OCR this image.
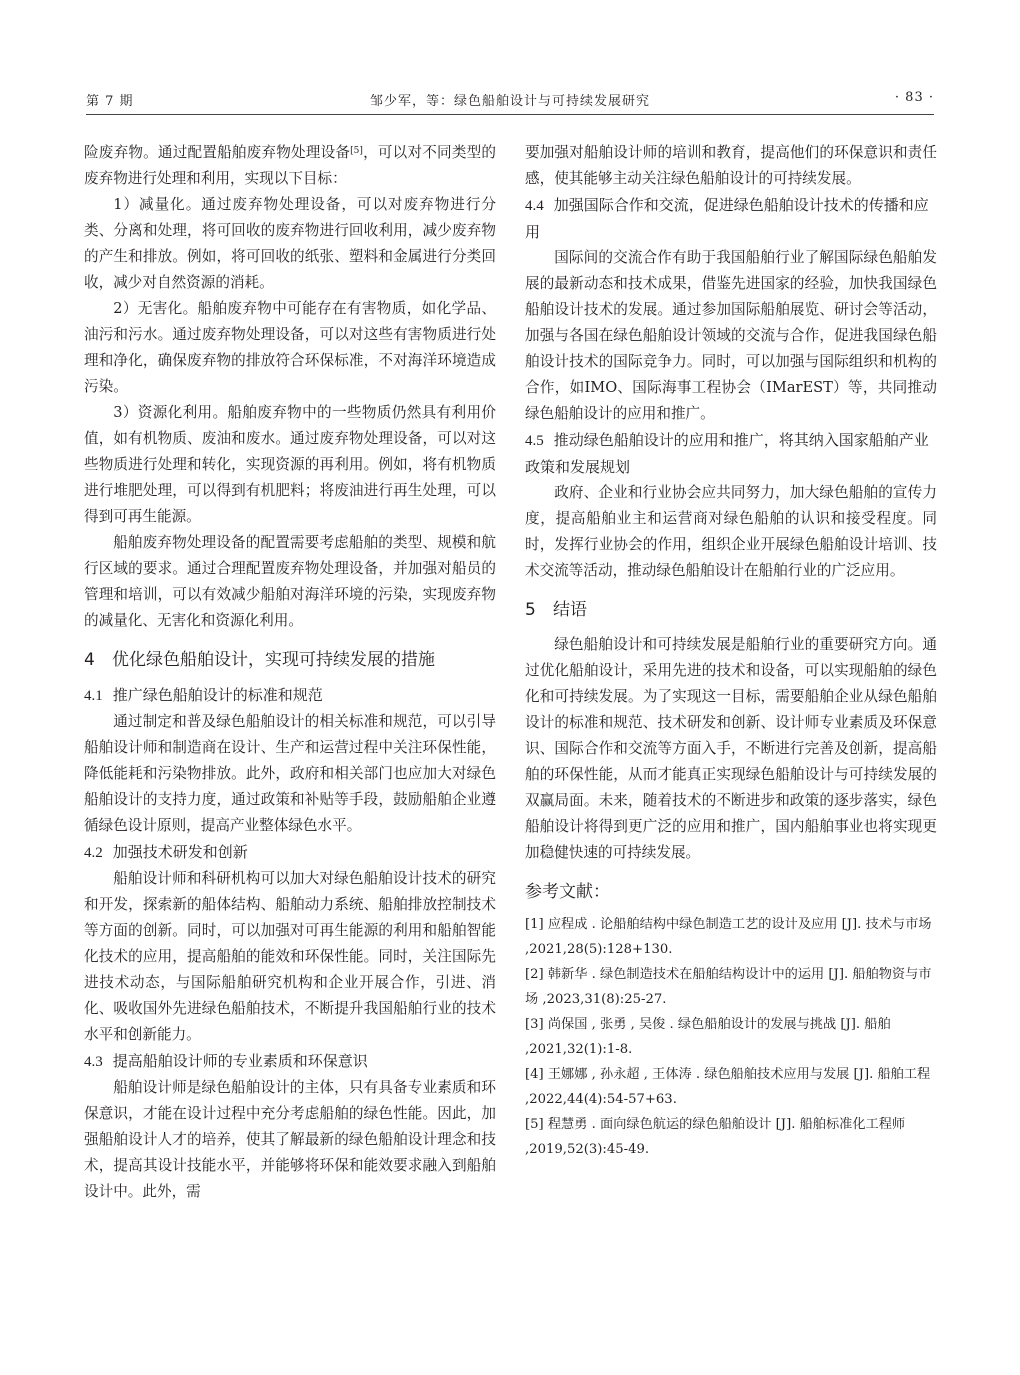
第 7 期	邹少军，等：绿色船舶设计与可持续发展研究	· 83 ·

险废弃物。通过配置船舶废弃物处理设备[5]，可以对不同类型的废弃物进行处理和利用，实现以下目标：

1）减量化。通过废弃物处理设备，可以对废弃物进行分类、分离和处理，将可回收的废弃物进行回收利用，减少废弃物的产生和排放。例如，将可回收的纸张、塑料和金属进行分类回收，减少对自然资源的消耗。

2）无害化。船舶废弃物中可能存在有害物质，如化学品、油污和污水。通过废弃物处理设备，可以对这些有害物质进行处理和净化，确保废弃物的排放符合环保标准，不对海洋环境造成污染。

3）资源化利用。船舶废弃物中的一些物质仍然具有利用价值，如有机物质、废油和废水。通过废弃物处理设备，可以对这些物质进行处理和转化，实现资源的再利用。例如，将有机物质进行堆肥处理，可以得到有机肥料；将废油进行再生处理，可以得到可再生能源。

船舶废弃物处理设备的配置需要考虑船舶的类型、规模和航行区域的要求。通过合理配置废弃物处理设备，并加强对船员的管理和培训，可以有效减少船舶对海洋环境的污染，实现废弃物的减量化、无害化和资源化利用。

4	优化绿色船舶设计，实现可持续发展的措施
4.1 推广绿色船舶设计的标准和规范

通过制定和普及绿色船舶设计的相关标准和规范，可以引导船舶设计师和制造商在设计、生产和运营过程中关注环保性能，降低能耗和污染物排放。此外，政府和相关部门也应加大对绿色船舶设计的支持力度，通过政策和补贴等手段，鼓励船舶企业遵循绿色设计原则，提高产业整体绿色水平。

4.2 加强技术研发和创新

船舶设计师和科研机构可以加大对绿色船舶设计技术的研究和开发，探索新的船体结构、船舶动力系统、船舶排放控制技术等方面的创新。同时，可以加强对可再生能源的利用和船舶智能化技术的应用，提高船舶的能效和环保性能。同时，关注国际先进技术动态，与国际船舶研究机构和企业开展合作，引进、消化、吸收国外先进绿色船舶技术，不断提升我国船舶行业的技术水平和创新能力。

4.3 提高船舶设计师的专业素质和环保意识

船舶设计师是绿色船舶设计的主体，只有具备专业素质和环保意识，才能在设计过程中充分考虑船舶的绿色性能。因此，加强船舶设计人才的培养，使其了解最新的绿色船舶设计理念和技术，提高其设计技能水平，并能够将环保和能效要求融入到船舶设计中。此外，需

要加强对船舶设计师的培训和教育，提高他们的环保意识和责任感，使其能够主动关注绿色船舶设计的可持续发展。

4.4 加强国际合作和交流，促进绿色船舶设计技术的传播和应用

国际间的交流合作有助于我国船舶行业了解国际绿色船舶发展的最新动态和技术成果，借鉴先进国家的经验，加快我国绿色船舶设计技术的发展。通过参加国际船舶展览、研讨会等活动，加强与各国在绿色船舶设计领域的交流与合作，促进我国绿色船舶设计技术的国际竞争力。同时，可以加强与国际组织和机构的合作，如IMO、国际海事工程协会（IMarEST）等，共同推动绿色船舶设计的应用和推广。

4.5 推动绿色船舶设计的应用和推广，将其纳入国家船舶产业政策和发展规划

政府、企业和行业协会应共同努力，加大绿色船舶的宣传力度，提高船舶业主和运营商对绿色船舶的认识和接受程度。同时，发挥行业协会的作用，组织企业开展绿色船舶设计培训、技术交流等活动，推动绿色船舶设计在船舶行业的广泛应用。

5	结语

绿色船舶设计和可持续发展是船舶行业的重要研究方向。通过优化船舶设计，采用先进的技术和设备，可以实现船舶的绿色化和可持续发展。为了实现这一目标，需要船舶企业从绿色船舶设计的标准和规范、技术研发和创新、设计师专业素质及环保意识、国际合作和交流等方面入手，不断进行完善及创新，提高船舶的环保性能，从而才能真正实现绿色船舶设计与可持续发展的双赢局面。未来，随着技术的不断进步和政策的逐步落实，绿色船舶设计将得到更广泛的应用和推广，国内船舶事业也将实现更加稳健快速的可持续发展。

参考文献：

[1] 应程成 . 论船舶结构中绿色制造工艺的设计及应用 [J]. 技术与市场 ,2021,28(5):128+130.

[2] 韩新华 . 绿色制造技术在船舶结构设计中的运用 [J]. 船舶物资与市场 ,2023,31(8):25-27.

[3] 尚保国 , 张勇 , 吴俊 . 绿色船舶设计的发展与挑战 [J]. 船舶 ,2021,32(1):1-8.

[4] 王娜娜 , 孙永超 , 王体涛 . 绿色船舶技术应用与发展 [J]. 船舶工程 ,2022,44(4):54-57+63.

[5] 程慧勇 . 面向绿色航运的绿色船舶设计 [J]. 船舶标准化工程师 ,2019,52(3):45-49.
